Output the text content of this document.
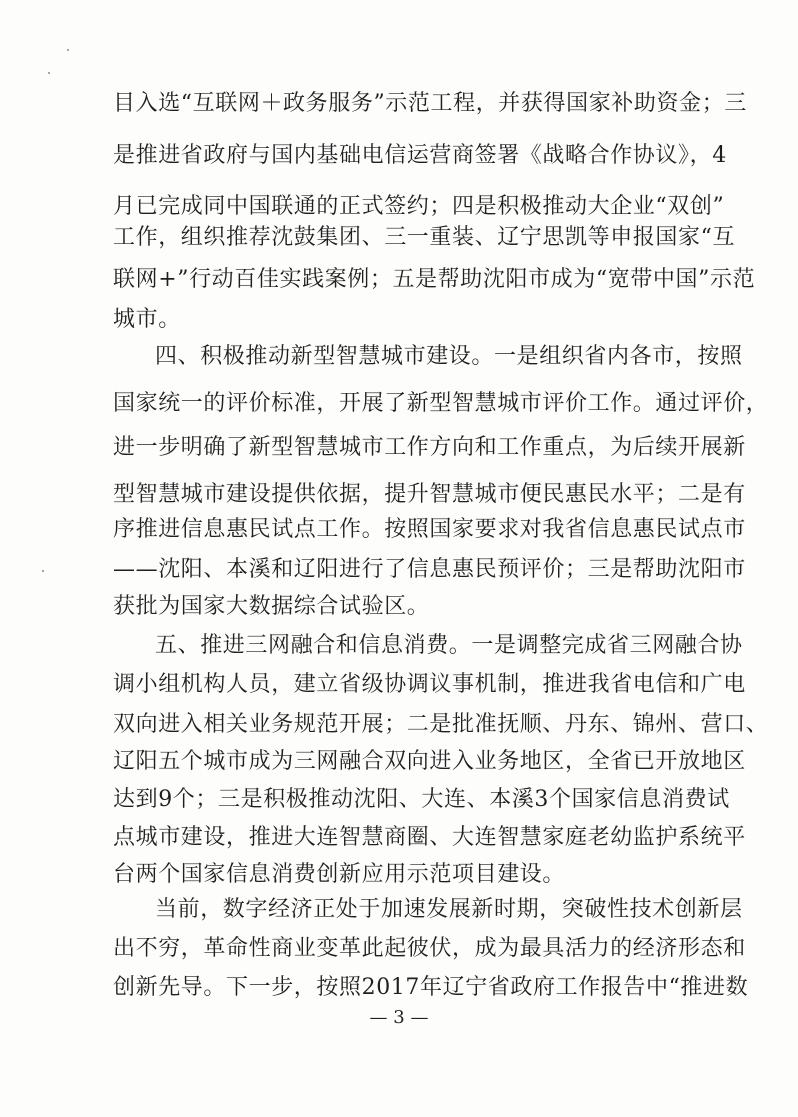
目入选“互联网＋政务服务”示范工程，并获得国家补助资金；三
是推进省政府与国内基础电信运营商签署《战略合作协议》，4
月已完成同中国联通的正式签约；四是积极推动大企业“双创”
工作，组织推荐沈鼓集团、三一重装、辽宁思凯等申报国家“互
联网+”行动百佳实践案例；五是帮助沈阳市成为“宽带中国”示范
城市。
四、积极推动新型智慧城市建设。一是组织省内各市，按照
国家统一的评价标准，开展了新型智慧城市评价工作。通过评价，
进一步明确了新型智慧城市工作方向和工作重点，为后续开展新
型智慧城市建设提供依据，提升智慧城市便民惠民水平；二是有
序推进信息惠民试点工作。按照国家要求对我省信息惠民试点市
——沈阳、本溪和辽阳进行了信息惠民预评价；三是帮助沈阳市
获批为国家大数据综合试验区。
五、推进三网融合和信息消费。一是调整完成省三网融合协
调小组机构人员，建立省级协调议事机制，推进我省电信和广电
双向进入相关业务规范开展；二是批准抚顺、丹东、锦州、营口、
辽阳五个城市成为三网融合双向进入业务地区，全省已开放地区
达到9个；三是积极推动沈阳、大连、本溪3个国家信息消费试
点城市建设，推进大连智慧商圈、大连智慧家庭老幼监护系统平
台两个国家信息消费创新应用示范项目建设。
当前，数字经济正处于加速发展新时期，突破性技术创新层
出不穷，革命性商业变革此起彼伏，成为最具活力的经济形态和
创新先导。下一步，按照2017年辽宁省政府工作报告中“推进数
— 3 —
